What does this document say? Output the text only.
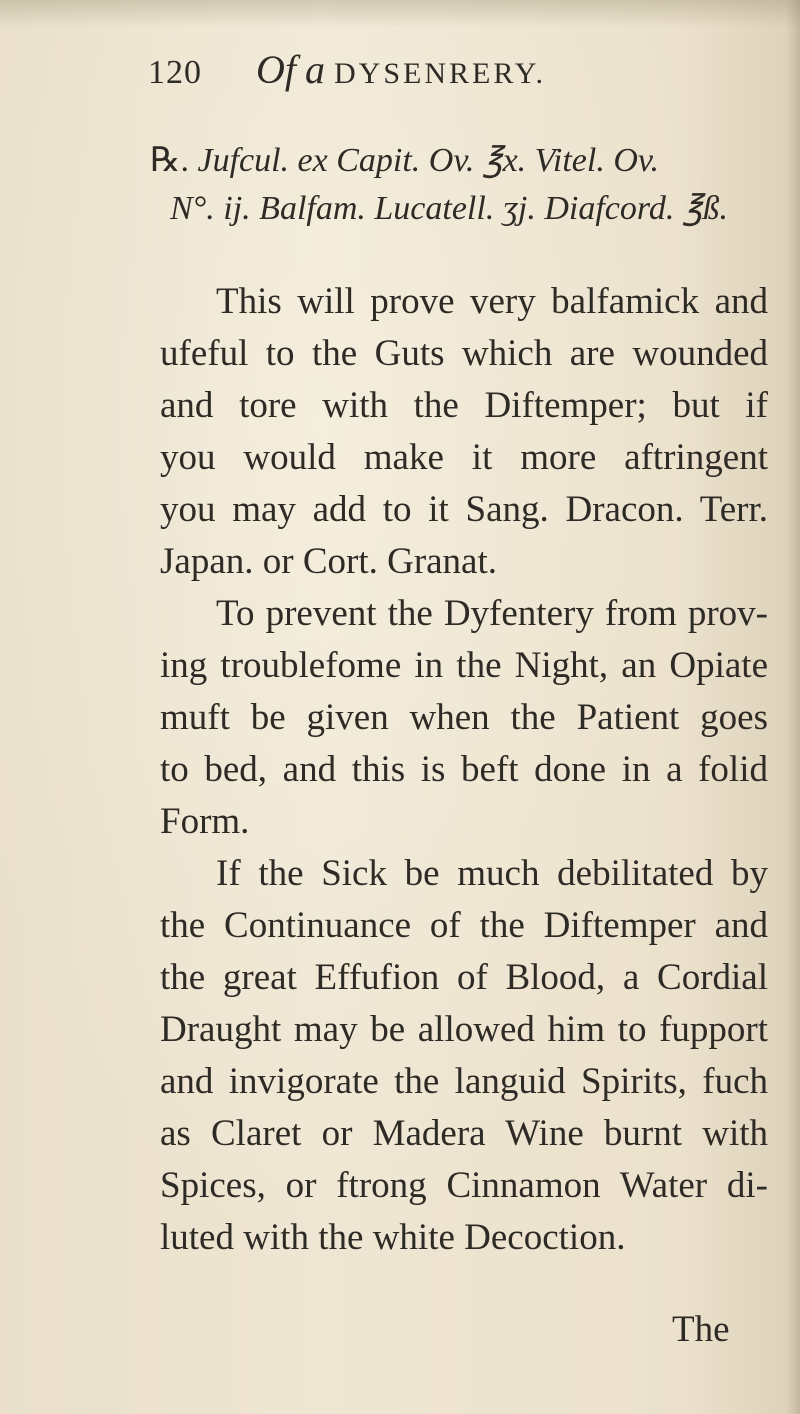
120 Of a DYSENRERY.
℞. Jufcul. ex Capit. Ov. ℥x. Vitel. Ov.
N°. ij. Balfam. Lucatell. ʒj. Diafcord. ℥ß.
This will prove very balfamick and
ufeful to the Guts which are wounded
and tore with the Diftemper; but if
you would make it more aftringent
you may add to it Sang. Dracon. Terr.
Japan. or Cort. Granat.
To prevent the Dyfentery from prov-
ing troublefome in the Night, an Opiate
muft be given when the Patient goes
to bed, and this is beft done in a folid
Form.
If the Sick be much debilitated by
the Continuance of the Diftemper and
the great Effufion of Blood, a Cordial
Draught may be allowed him to fupport
and invigorate the languid Spirits, fuch
as Claret or Madera Wine burnt with
Spices, or ftrong Cinnamon Water di-
luted with the white Decoction.
The
